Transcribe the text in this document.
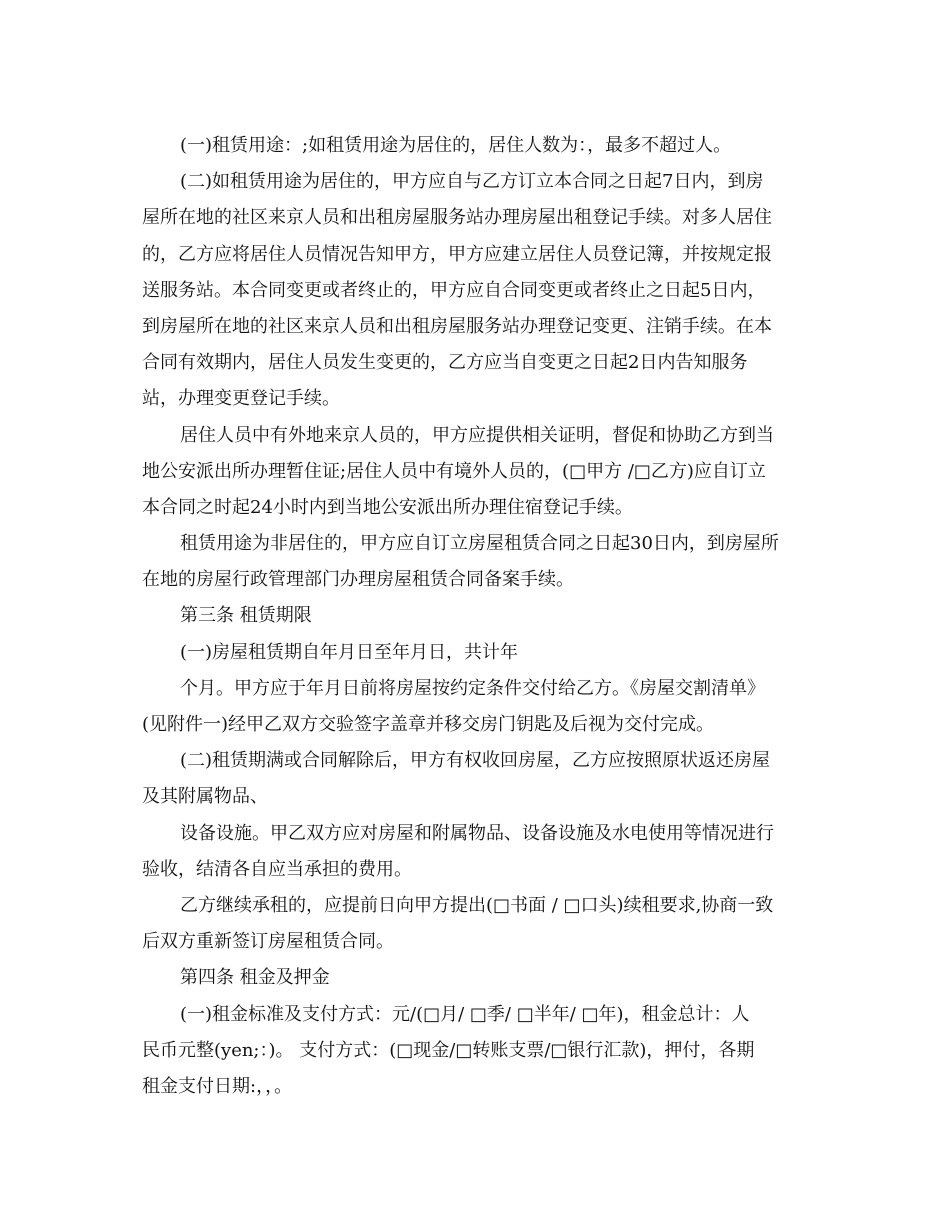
(一)租赁用途：;如租赁用途为居住的，居住人数为：，最多不超过人。
(二)如租赁用途为居住的，甲方应自与乙方订立本合同之日起7日内，到房
屋所在地的社区来京人员和出租房屋服务站办理房屋出租登记手续。对多人居住
的，乙方应将居住人员情况告知甲方，甲方应建立居住人员登记簿，并按规定报
送服务站。本合同变更或者终止的，甲方应自合同变更或者终止之日起5日内，
到房屋所在地的社区来京人员和出租房屋服务站办理登记变更、注销手续。在本
合同有效期内，居住人员发生变更的，乙方应当自变更之日起2日内告知服务
站，办理变更登记手续。
居住人员中有外地来京人员的，甲方应提供相关证明，督促和协助乙方到当
地公安派出所办理暂住证;居住人员中有境外人员的，(□甲方 /□乙方)应自订立
本合同之时起24小时内到当地公安派出所办理住宿登记手续。
租赁用途为非居住的，甲方应自订立房屋租赁合同之日起30日内，到房屋所
在地的房屋行政管理部门办理房屋租赁合同备案手续。
第三条 租赁期限
(一)房屋租赁期自年月日至年月日，共计年
个月。甲方应于年月日前将房屋按约定条件交付给乙方。《房屋交割清单》
(见附件一)经甲乙双方交验签字盖章并移交房门钥匙及后视为交付完成。
(二)租赁期满或合同解除后，甲方有权收回房屋，乙方应按照原状返还房屋
及其附属物品、
设备设施。甲乙双方应对房屋和附属物品、设备设施及水电使用等情况进行
验收，结清各自应当承担的费用。
乙方继续承租的，应提前日向甲方提出(□书面 / □口头)续租要求,协商一致
后双方重新签订房屋租赁合同。
第四条 租金及押金
(一)租金标准及支付方式：元/(□月/ □季/ □半年/ □年)，租金总计：人
民币元整(yen;：)。 支付方式：(□现金/□转账支票/□银行汇款)，押付，各期
租金支付日期:，，。
